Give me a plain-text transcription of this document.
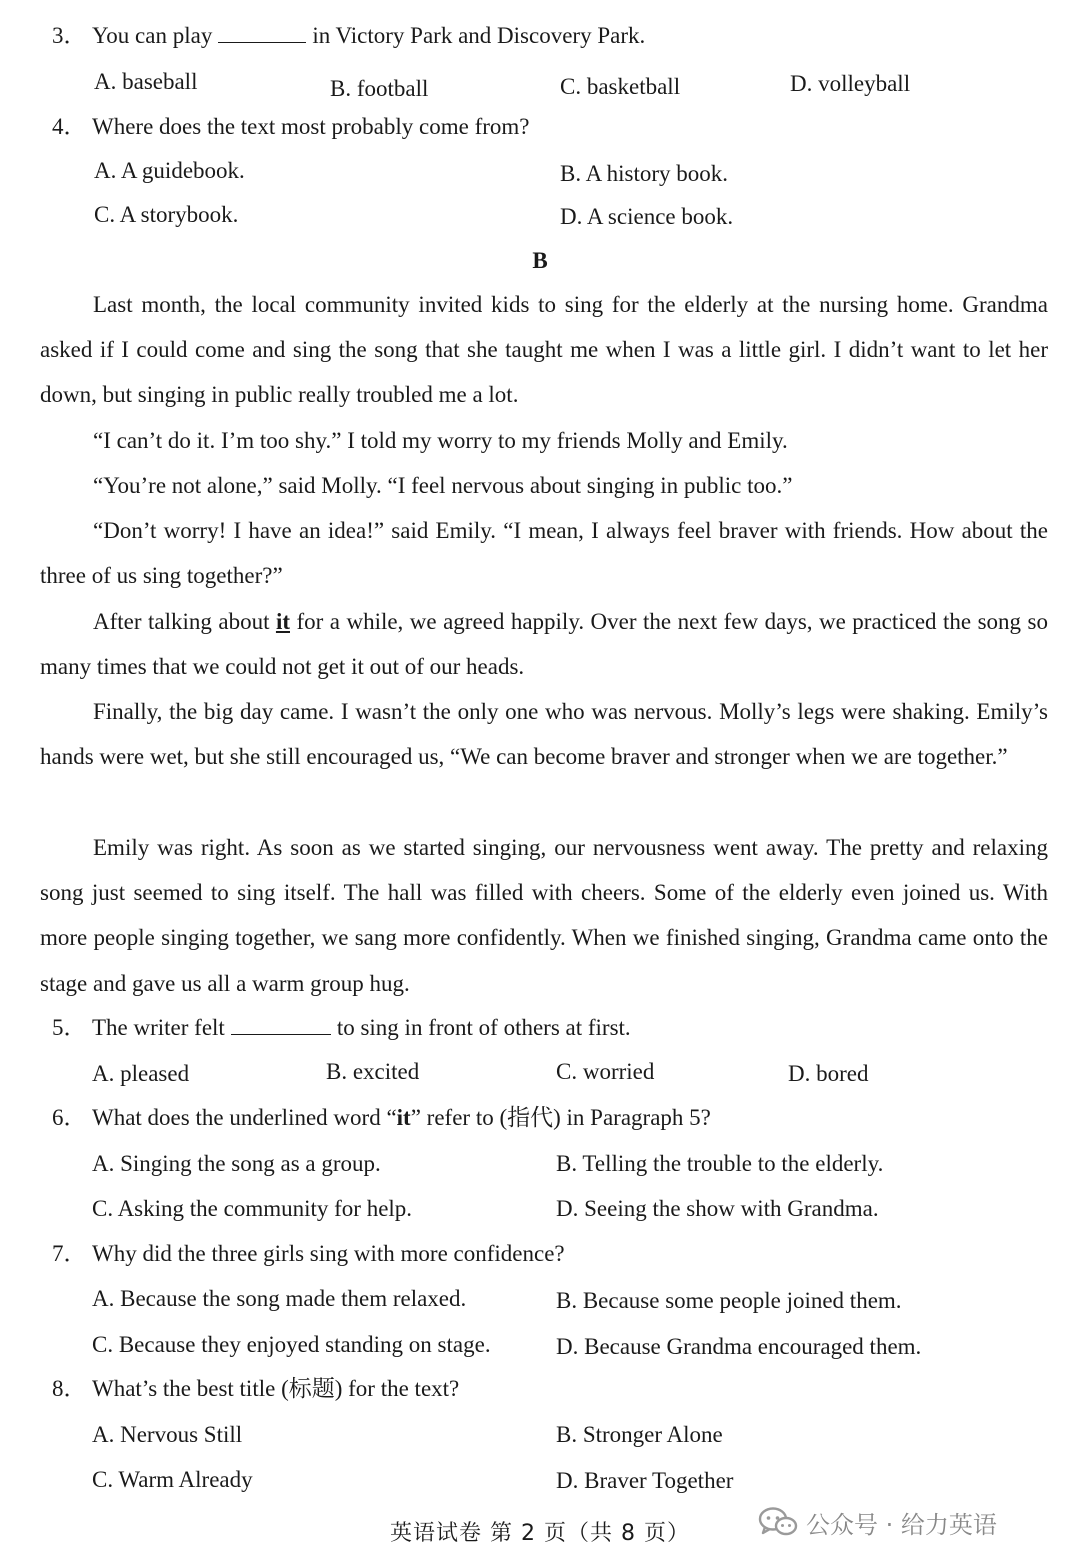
3． You can play	in Victory Park and Discovery Park.
A. baseball	B. football	C. basketball	D. volleyball
4． Where does the text most probably come from?
A. A guidebook.	B. A history book.
C. A storybook.	D. A science book.
B
Last month, the local community invited kids to sing for the elderly at the nursing home. Grandma asked if I could come and sing the song that she taught me when I was a little girl. I didn’t want to let her down, but singing in public really troubled me a lot.
“I can’t do it. I’m too shy.” I told my worry to my friends Molly and Emily.
“You’re not alone,” said Molly. “I feel nervous about singing in public too.”
“Don’t worry! I have an idea!” said Emily. “I mean, I always feel braver with friends. How about the three of us sing together?”
After talking about it for a while, we agreed happily. Over the next few days, we practiced the song so many times that we could not get it out of our heads.
Finally, the big day came. I wasn’t the only one who was nervous. Molly’s legs were shaking. Emily’s hands were wet, but she still encouraged us, “We can become braver and stronger when we are together.”
Emily was right. As soon as we started singing, our nervousness went away. The pretty and relaxing song just seemed to sing itself. The hall was filled with cheers. Some of the elderly even joined us. With more people singing together, we sang more confidently. When we finished singing, Grandma came onto the stage and gave us all a warm group hug.
5． The writer felt	to sing in front of others at first.
A. pleased	B. excited	C. worried	D. bored
6． What does the underlined word “it” refer to (指代) in Paragraph 5?
A. Singing the song as a group.	B. Telling the trouble to the elderly.
C. Asking the community for help.	D. Seeing the show with Grandma.
7． Why did the three girls sing with more confidence?
A. Because the song made them relaxed.	B. Because some people joined them.
C. Because they enjoyed standing on stage.	D. Because Grandma encouraged them.
8． What’s the best title (标题) for the text?
A. Nervous Still	B. Stronger Alone
C. Warm Already	D. Braver Together
英语试卷 第 2 页（共 8 页）	公众号 · 给力英语
